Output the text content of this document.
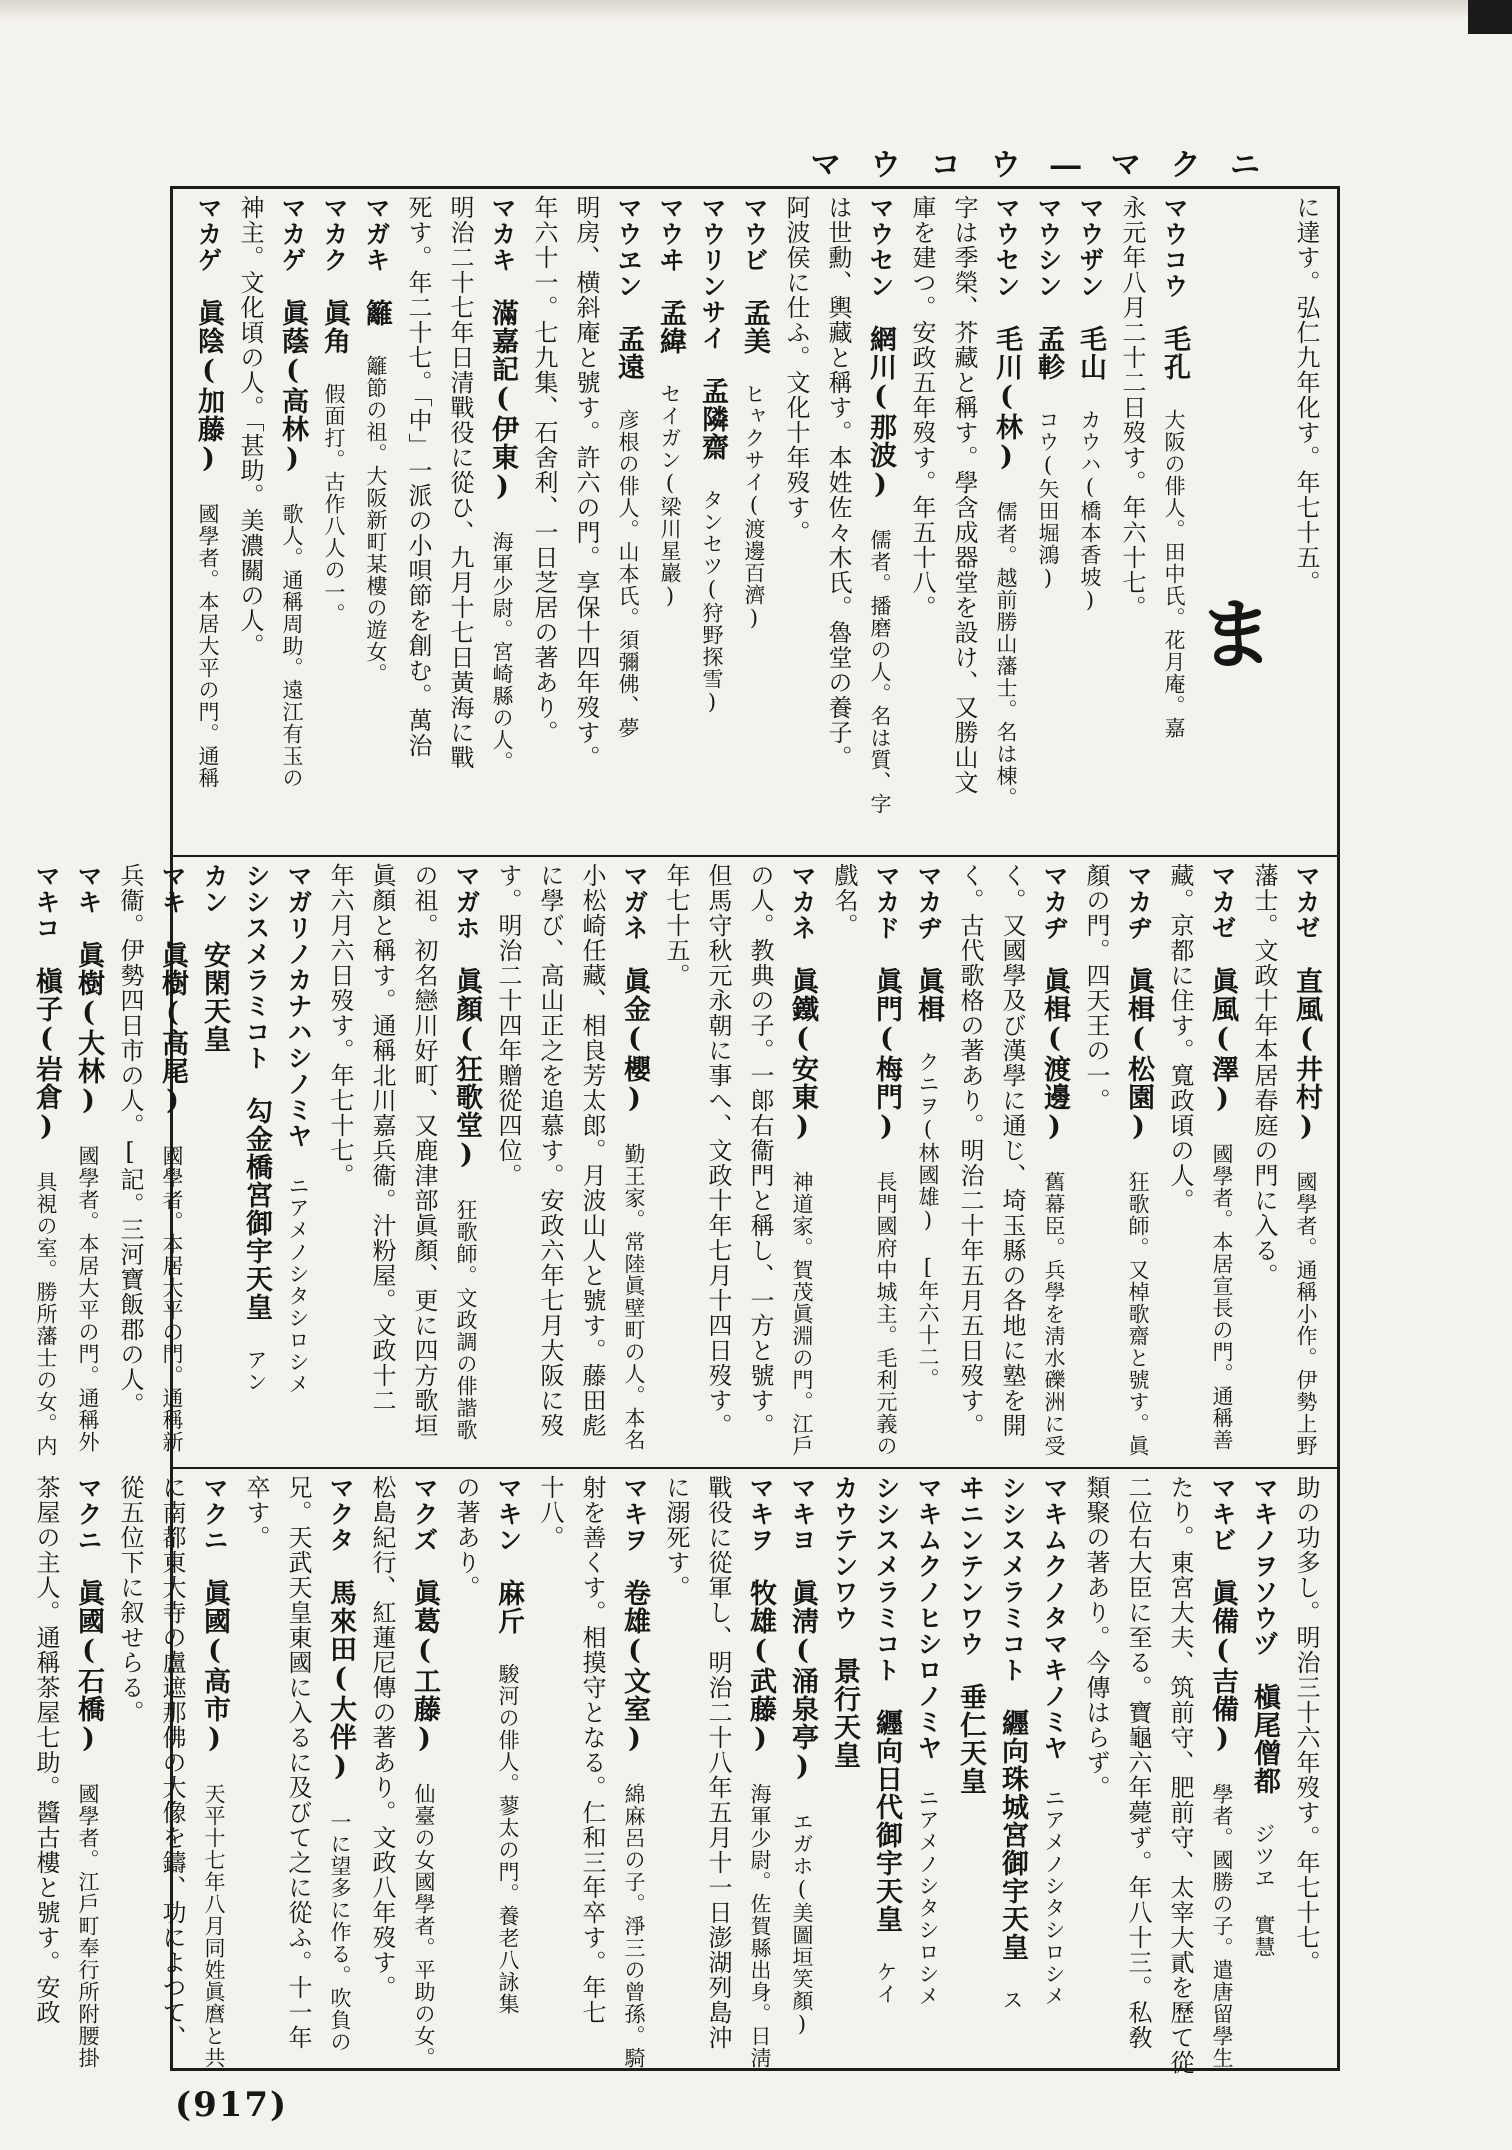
マウコウ―マクニ
に達す。弘仁九年化す。年七十五。
ま
マウコウ　毛孔　大阪の俳人。田中氏。花月庵。嘉
永元年八月二十二日歿す。年六十七。
マウザン　毛山　カウハ(橋本香坡)
マウシン　孟軫　コウ(矢田堀鴻)
マウセン　毛川(林)　儒者。越前勝山藩士。名は棟。
字は季榮、芥藏と稱す。學含成器堂を設け、又勝山文
庫を建つ。安政五年歿す。年五十八。
マウセン　網川(那波)　儒者。播磨の人。名は質、字
は世勳、輿藏と稱す。本姓佐々木氏。魯堂の養子。
阿波侯に仕ふ。文化十年歿す。
マウビ　孟美　ヒャクサイ(渡邊百濟)
マウリンサイ　孟隣齋　タンセツ(狩野探雪)
マウヰ　孟緯　セイガン(梁川星巖)
マウヱン　孟遠　彦根の俳人。山本氏。須彌佛、夢
明房、横斜庵と號す。許六の門。享保十四年歿す。
年六十一。七九集、石舍利、一日芝居の著あり。
マカキ　滿嘉記(伊東)　海軍少尉。宮崎縣の人。
明治二十七年日清戰役に從ひ、九月十七日黃海に戰
死す。年二十七。「中」一派の小唄節を創む。萬治
マガキ　籬　籬節の祖。大阪新町某樓の遊女。
マカク　眞角　假面打。古作八人の一。
マカゲ　眞蔭(高林)　歌人。通稱周助。遠江有玉の
神主。文化頃の人。「甚助。美濃關の人。
マカゲ　眞陰(加藤)　國學者。本居大平の門。通稱
マカゼ　直風(井村)　國學者。通稱小作。伊勢上野
藩士。文政十年本居春庭の門に入る。
マカゼ　眞風(澤)　國學者。本居宣長の門。通稱善
藏。京都に住す。寬政頃の人。
マカヂ　眞楫(松園)　狂歌師。又棹歌齋と號す。眞
顏の門。四天王の一。
マカヂ　眞楫(渡邊)　舊幕臣。兵學を淸水礫洲に受
く。又國學及び漢學に通じ、埼玉縣の各地に塾を開
く。古代歌格の著あり。明治二十年五月五日歿す。
マカヂ　眞楫　クニヲ(林國雄)　[年六十二。
マカド　眞門(梅門)　長門國府中城主。毛利元義の
戲名。
マカネ　眞鐵(安東)　神道家。賀茂眞淵の門。江戶
の人。教典の子。一郞右衞門と稱し、一方と號す。
但馬守秋元永朝に事へ、文政十年七月十四日歿す。
年七十五。
マガネ　眞金(櫻)　勤王家。常陸眞壁町の人。本名
小松崎任藏、相良芳太郎。月波山人と號す。藤田彪
に學び、高山正之を追慕す。安政六年七月大阪に歿
す。明治二十四年贈從四位。
マガホ　眞顏(狂歌堂)　狂歌師。文政調の俳諧歌
の祖。初名戀川好町、又鹿津部眞顏、更に四方歌垣
眞顏と稱す。通稱北川嘉兵衞。汁粉屋。文政十二
年六月六日歿す。年七十七。
マガリノカナハシノミヤ　ニアメノシタシロシメ
シシスメラミコト　勾金橋宮御宇天皇　アン
カン　安閑天皇　
マキ　眞樹(高尾)　國學者。本居大平の門。通稱新
兵衞。伊勢四日市の人。[記。三河寶飯郡の人。
マキ　眞樹(大林)　國學者。本居大平の門。通稱外
マキコ　槇子(岩倉)　具視の室。勝所藩士の女。内
助の功多し。明治三十六年歿す。年七十七。
マキノヲソウヅ　槇尾僧都　ジツヱ 實慧
マキビ　眞備(吉備)　學者。國勝の子。遣唐留學生
たり。東宮大夫、筑前守、肥前守、太宰大貳を歷て從
二位右大臣に至る。寶龜六年薨ず。年八十三。私敎
類聚の著あり。今傳はらず。
マキムクノタマキノミヤ　ニアメノシタシロシメ
シシスメラミコト　纒向珠城宮御宇天皇　ス
ヰニンテンワウ　垂仁天皇　
マキムクノヒシロノミヤ　ニアメノシタシロシメ
シシスメラミコト　纒向日代御宇天皇　ケイ
カウテンワウ　景行天皇　
マキヨ　眞淸(涌泉亭)　エガホ(美圖垣笑顏)
マキヲ　牧雄(武藤)　海軍少尉。佐賀縣出身。日淸
戰役に從軍し、明治二十八年五月十一日澎湖列島沖
に溺死す。
マキヲ　卷雄(文室)　綿麻呂の子。淨三の曾孫。騎
射を善くす。相摸守となる。仁和三年卒す。年七
十八。
マキン　麻斤　駿河の俳人。蓼太の門。養老八詠集
の著あり。
マクズ　眞葛(工藤)　仙臺の女國學者。平助の女。
松島紀行、紅蓮尼傳の著あり。文政八年歿す。
マクタ　馬來田(大伴)　一に望多に作る。吹負の
兄。天武天皇東國に入るに及びて之に從ふ。十一年
卒す。
マクニ　眞國(高市)　天平十七年八月同姓眞麿と共
に南都東大寺の盧遮那佛の大像を鑄、功によつて、
從五位下に叙せらる。
マクニ　眞國(石橋)　國學者。江戶町奉行所附腰掛
茶屋の主人。通稱茶屋七助。醬古樓と號す。安政
(917)
